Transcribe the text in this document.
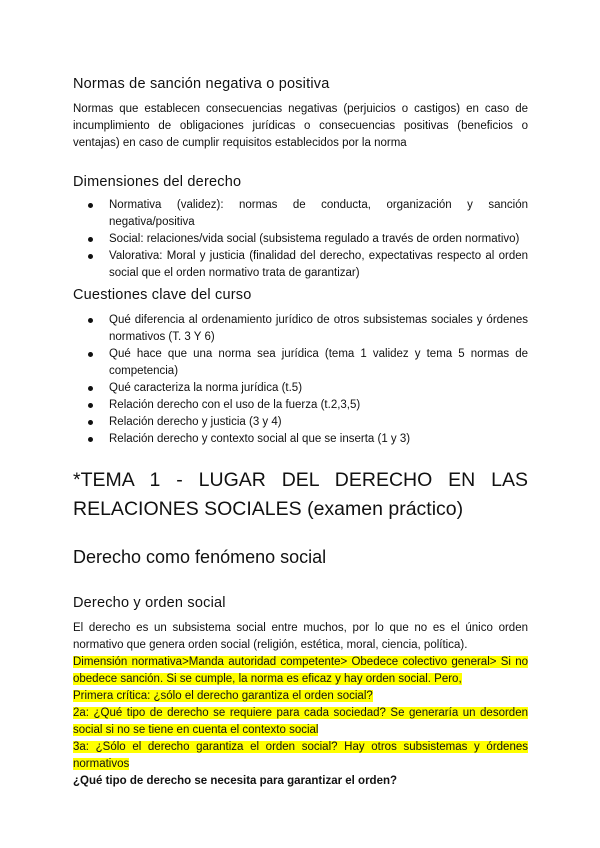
Normas de sanción negativa o positiva

Normas que establecen consecuencias negativas (perjuicios o castigos) en caso de incumplimiento de obligaciones jurídicas o consecuencias positivas (beneficios o ventajas) en caso de cumplir requisitos establecidos por la norma

Dimensiones del derecho
Normativa (validez): normas de conducta, organización y sanción negativa/positiva
Social: relaciones/vida social (subsistema regulado a través de orden normativo)
Valorativa: Moral y justicia (finalidad del derecho, expectativas respecto al orden social que el orden normativo trata de garantizar)
Cuestiones clave del curso
Qué diferencia al ordenamiento jurídico de otros subsistemas sociales y órdenes normativos (T. 3 Y 6)
Qué hace que una norma sea jurídica (tema 1 validez y tema 5 normas de competencia)
Qué caracteriza la norma jurídica (t.5)
Relación derecho con el uso de la fuerza (t.2,3,5)
Relación derecho y justicia (3 y 4)
Relación derecho y contexto social al que se inserta (1 y 3)
*TEMA 1 - LUGAR DEL DERECHO EN LAS RELACIONES SOCIALES (examen práctico)
Derecho como fenómeno social
Derecho y orden social

El derecho es un subsistema social entre muchos, por lo que no es el único orden normativo que genera orden social (religión, estética, moral, ciencia, política).

Dimensión normativa>Manda autoridad competente> Obedece colectivo general> Si no obedece sanción. Si se cumple, la norma es eficaz y hay orden social. Pero,
Primera crítica: ¿sólo el derecho garantiza el orden social?
2a: ¿Qué tipo de derecho se requiere para cada sociedad? Se generaría un desorden social si no se tiene en cuenta el contexto social
3a: ¿Sólo el derecho garantiza el orden social? Hay otros subsistemas y órdenes normativos
¿Qué tipo de derecho se necesita para garantizar el orden?
